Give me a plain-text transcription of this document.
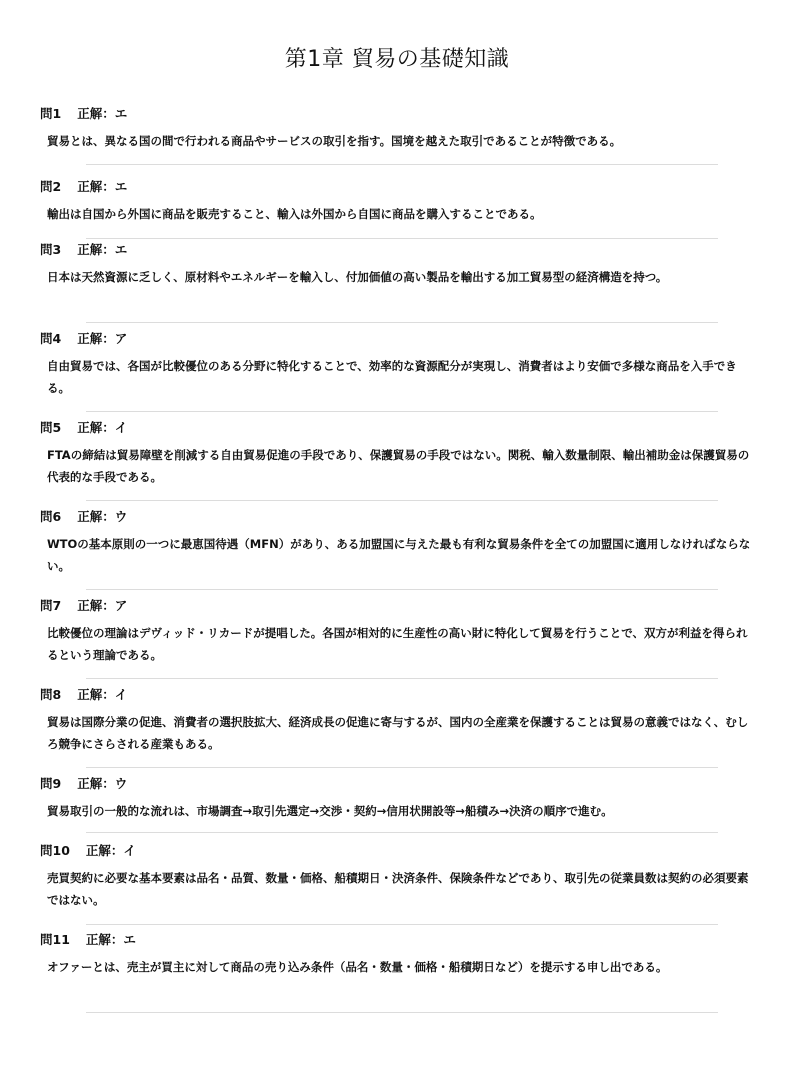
第1章 貿易の基礎知識
問1 正解：エ
貿易とは、異なる国の間で行われる商品やサービスの取引を指す。国境を越えた取引であることが特徴である。
問2 正解：エ
輸出は自国から外国に商品を販売すること、輸入は外国から自国に商品を購入することである。
問3 正解：エ
日本は天然資源に乏しく、原材料やエネルギーを輸入し、付加価値の高い製品を輸出する加工貿易型の経済構造を持つ。
問4 正解：ア
自由貿易では、各国が比較優位のある分野に特化することで、効率的な資源配分が実現し、消費者はより安価で多様な商品を入手できる。
問5 正解：イ
FTAの締結は貿易障壁を削減する自由貿易促進の手段であり、保護貿易の手段ではない。関税、輸入数量制限、輸出補助金は保護貿易の代表的な手段である。
問6 正解：ウ
WTOの基本原則の一つに最恵国待遇（MFN）があり、ある加盟国に与えた最も有利な貿易条件を全ての加盟国に適用しなければならない。
問7 正解：ア
比較優位の理論はデヴィッド・リカードが提唱した。各国が相対的に生産性の高い財に特化して貿易を行うことで、双方が利益を得られるという理論である。
問8 正解：イ
貿易は国際分業の促進、消費者の選択肢拡大、経済成長の促進に寄与するが、国内の全産業を保護することは貿易の意義ではなく、むしろ競争にさらされる産業もある。
問9 正解：ウ
貿易取引の一般的な流れは、市場調査→取引先選定→交渉・契約→信用状開設等→船積み→決済の順序で進む。
問10 正解：イ
売買契約に必要な基本要素は品名・品質、数量・価格、船積期日・決済条件、保険条件などであり、取引先の従業員数は契約の必須要素ではない。
問11 正解：エ
オファーとは、売主が買主に対して商品の売り込み条件（品名・数量・価格・船積期日など）を提示する申し出である。
